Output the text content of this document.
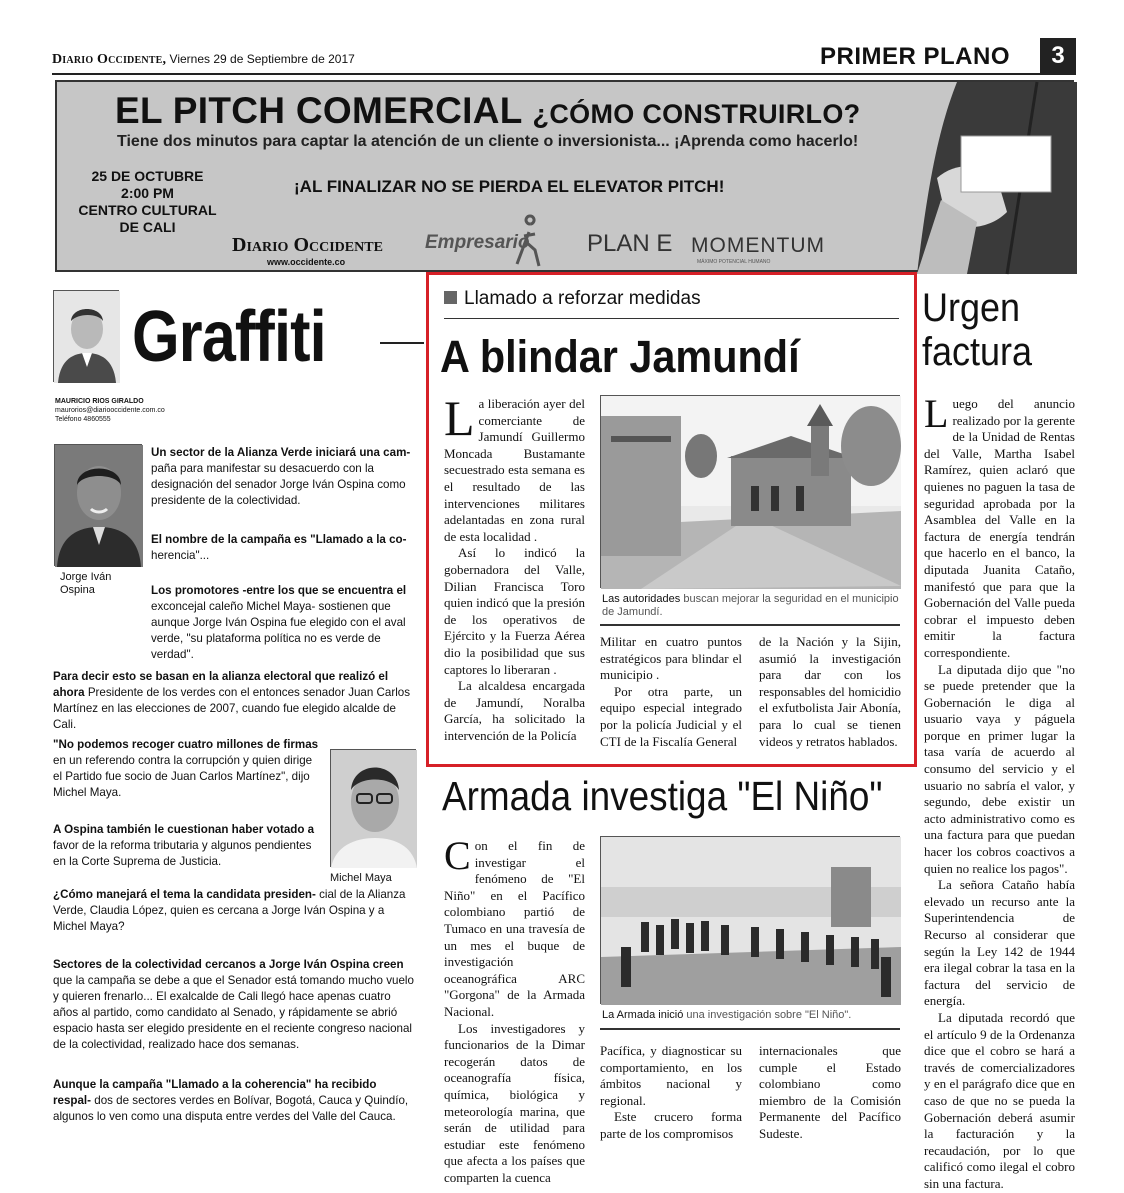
Diario Occidente, Viernes 29 de Septiembre de 2017	PRIMER PLANO	3
EL PITCH COMERCIAL ¿CÓMO CONSTRUIRLO?
Tiene dos minutos para captar la atención de un cliente o inversionista... ¡Aprenda como hacerlo!
25 DE OCTUBRE
2:00 PM
CENTRO CULTURAL
DE CALI
¡AL FINALIZAR NO SE PIERDA EL ELEVATOR PITCH!
Diario Occidente
www.occidente.co
Empresario PLAN E MOMENTUM
MÁXIMO POTENCIAL HUMANO
Graffiti
MAURICIO RIOS GIRALDO
maurorios@diariooccidente.com.co
Teléfono 4860555
Jorge Iván
Ospina
Un sector de la Alianza Verde iniciará una cam- paña para manifestar su desacuerdo con la designación del senador Jorge Iván Ospina como presidente de la colectividad.
El nombre de la campaña es "Llamado a la co- herencia"...
Los promotores -entre los que se encuentra el exconcejal caleño Michel Maya- sostienen que aunque Jorge Iván Ospina fue elegido con el aval verde, "su plataforma política no es verde de verdad".
Para decir esto se basan en la alianza electoral que realizó el ahora Presidente de los verdes con el entonces senador Juan Carlos Martínez en las elecciones de 2007, cuando fue elegido alcalde de Cali.
"No podemos recoger cuatro millones de firmas en un referendo contra la corrupción y quien dirige el Partido fue socio de Juan Carlos Martínez", dijo Michel Maya.
A Ospina también le cuestionan haber votado a favor de la reforma tributaria y algunos pendientes en la Corte Suprema de Justicia.
Michel Maya
¿Cómo manejará el tema la candidata presiden- cial de la Alianza Verde, Claudia López, quien es cercana a Jorge Iván Ospina y a Michel Maya?
Sectores de la colectividad cercanos a Jorge Iván Ospina creen que la campaña se debe a que el Senador está tomando mucho vuelo y quieren frenarlo... El exalcalde de Cali llegó hace apenas cuatro años al partido, como candidato al Senado, y rápidamente se abrió espacio hasta ser elegido presidente en el reciente congreso nacional de la colectividad, realizado hace dos semanas.
Aunque la campaña "Llamado a la coherencia" ha recibido respal- dos de sectores verdes en Bolívar, Bogotá, Cauca y Quindío, algunos lo ven como una disputa entre verdes del Valle del Cauca.
Llamado a reforzar medidas
A blindar Jamundí

La liberación ayer del comerciante de Jamundí Guillermo Moncada Bustamante secuestrado esta semana es el resultado de las intervenciones militares adelantadas en zona rural de esta localidad .

Así lo indicó la gobernadora del Valle, Dilian Francisca Toro quien indicó que la presión de los operativos de Ejército y la Fuerza Aérea dio la posibilidad que sus captores lo liberaran .

La alcaldesa encargada de Jamundí, Noralba García, ha solicitado la intervención de la Policía

Las autoridades buscan mejorar la seguridad en el municipio de Jamundí.

Militar en cuatro puntos estratégicos para blindar el municipio .

Por otra parte, un equipo especial integrado por la policía Judicial y el CTI de la Fiscalía General

de la Nación y la Sijin, asumió la investigación para dar con los responsables del homicidio el exfutbolista Jair Abonía, para lo cual se tienen videos y retratos hablados.

Urgen
factura

Luego del anuncio realizado por la gerente de la Unidad de Rentas del Valle, Martha Isabel Ramírez, quien aclaró que quienes no paguen la tasa de seguridad aprobada por la Asamblea del Valle en la factura de energía tendrán que hacerlo en el banco, la diputada Juanita Cataño, manifestó que para que la Gobernación del Valle pueda cobrar el impuesto deben emitir la factura correspondiente.

La diputada dijo que "no se puede pretender que la Gobernación le diga al usuario vaya y páguela porque en primer lugar la tasa varía de acuerdo al consumo del servicio y el usuario no sabría el valor, y segundo, debe existir un acto administrativo como es una factura para que puedan hacer los cobros coactivos a quien no realice los pagos".

La señora Cataño había elevado un recurso ante la Superintendencia de Recurso al considerar que según la Ley 142 de 1944 era ilegal cobrar la tasa en la factura del servicio de energía.

La diputada recordó que el artículo 9 de la Ordenanza dice que el cobro se hará a través de comercializadores y en el parágrafo dice que en caso de que no se pueda la Gobernación deberá asumir la facturación y la recaudación, por lo que calificó como ilegal el cobro sin una factura.

Armada investiga "El Niño"

Con el fin de investigar el fenómeno de "El Niño" en el Pacífico colombiano partió de Tumaco en una travesía de un mes el buque de investigación oceanográfica ARC "Gorgona" de la Armada Nacional.

Los investigadores y funcionarios de la Dimar recogerán datos de oceanografía física, química, biológica y meteorología marina, que serán de utilidad para estudiar este fenómeno que afecta a los países que comparten la cuenca

La Armada inició una investigación sobre "El Niño".

Pacífica, y diagnosticar su comportamiento, en los ámbitos nacional y regional.

Este crucero forma parte de los compromisos

internacionales que cumple el Estado colombiano como miembro de la Comisión Permanente del Pacífico Sudeste.
